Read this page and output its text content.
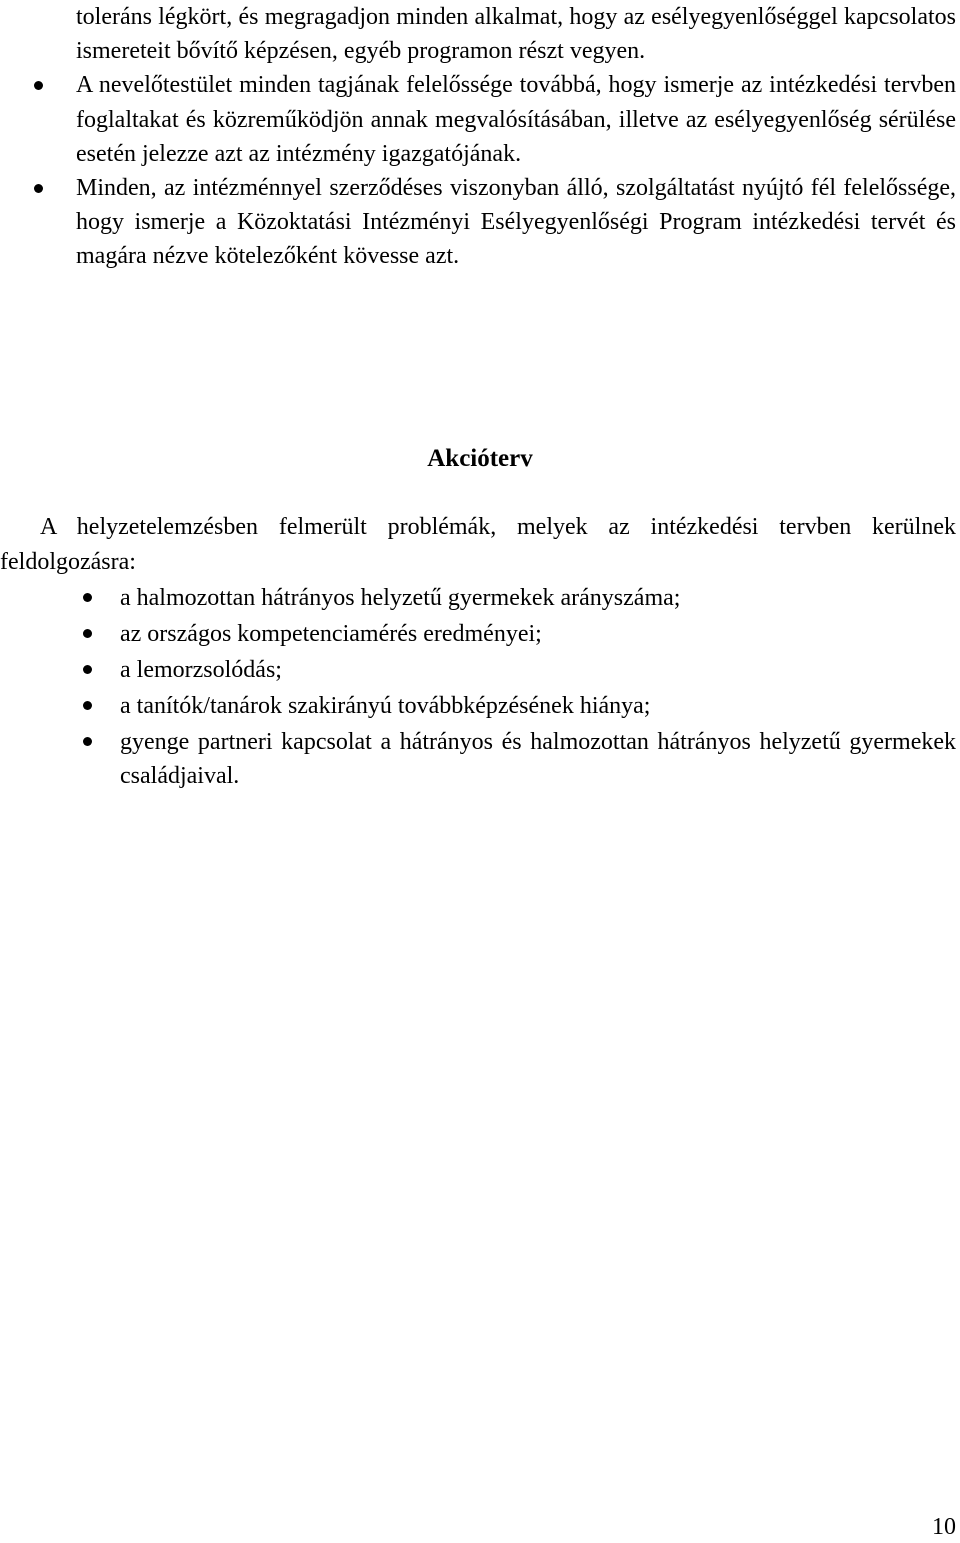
toleráns légkört, és megragadjon minden alkalmat, hogy az esélyegyenlőséggel kapcsolatos ismereteit bővítő képzésen, egyéb programon részt vegyen.
A nevelőtestület minden tagjának felelőssége továbbá, hogy ismerje az intézkedési tervben foglaltakat és közreműködjön annak megvalósításában, illetve az esélyegyenlőség sérülése esetén jelezze azt az intézmény igazgatójának.
Minden, az intézménnyel szerződéses viszonyban álló, szolgáltatást nyújtó fél felelőssége, hogy ismerje a Közoktatási Intézményi Esélyegyenlőségi Program intézkedési tervét és magára nézve kötelezőként kövesse azt.
Akcióterv

A helyzetelemzésben felmerült problémák, melyek az intézkedési tervben kerülnek feldolgozásra:

a halmozottan hátrányos helyzetű gyermekek arányszáma;
az országos kompetenciamérés eredményei;
a lemorzsolódás;
a tanítók/tanárok szakirányú továbbképzésének hiánya;
gyenge partneri kapcsolat a hátrányos és halmozottan hátrányos helyzetű gyermekek családjaival.
10
